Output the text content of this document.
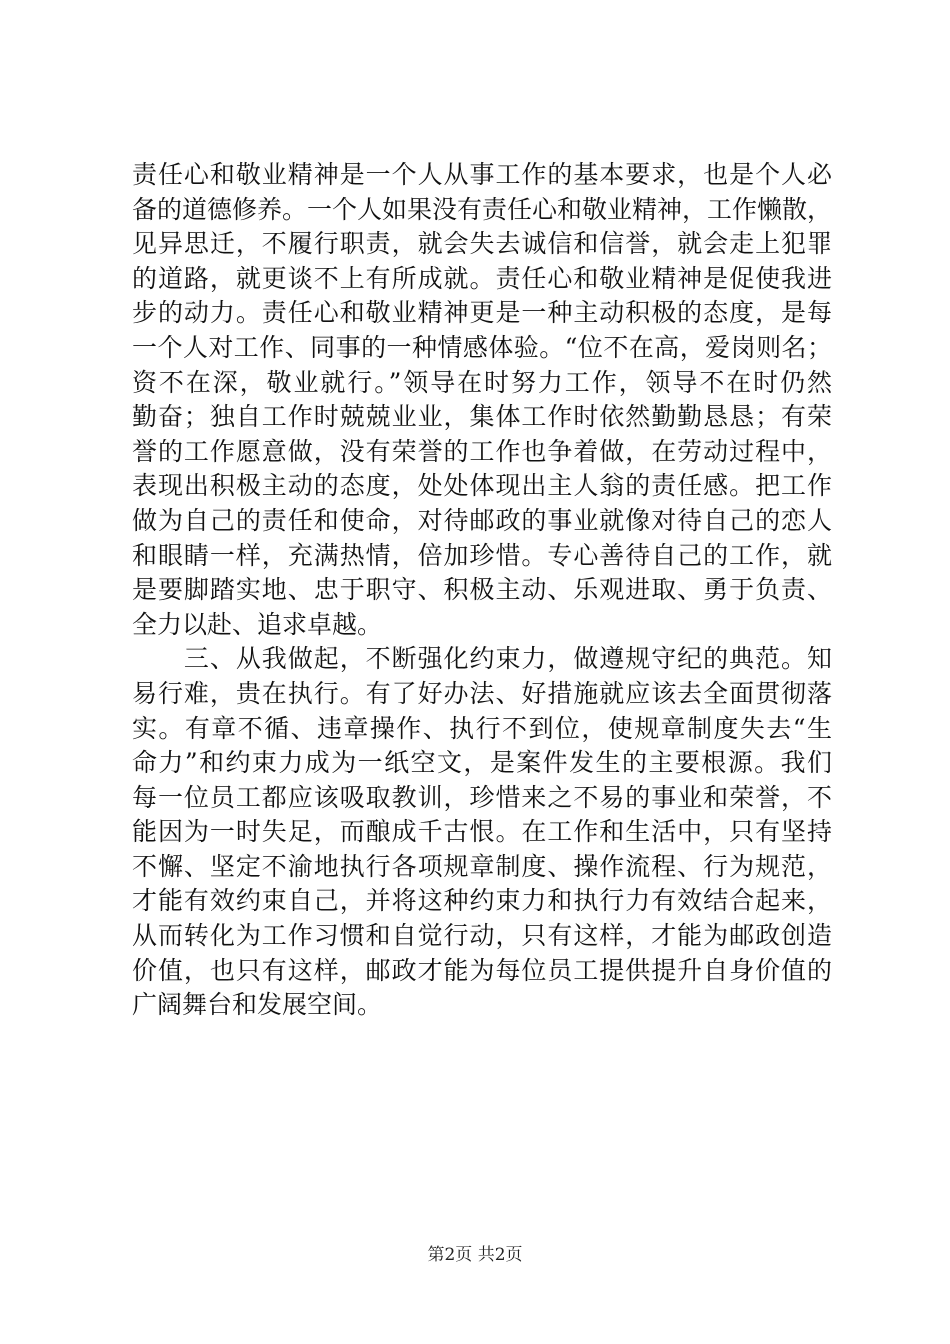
责任心和敬业精神是一个人从事工作的基本要求，也是个人必
备的道德修养。一个人如果没有责任心和敬业精神，工作懒散，
见异思迁，不履行职责，就会失去诚信和信誉，就会走上犯罪
的道路，就更谈不上有所成就。责任心和敬业精神是促使我进
步的动力。责任心和敬业精神更是一种主动积极的态度，是每
一个人对工作、同事的一种情感体验。“位不在高，爱岗则名；
资不在深，敬业就行。”领导在时努力工作，领导不在时仍然
勤奋；独自工作时兢兢业业，集体工作时依然勤勤恳恳；有荣
誉的工作愿意做，没有荣誉的工作也争着做，在劳动过程中，
表现出积极主动的态度，处处体现出主人翁的责任感。把工作
做为自己的责任和使命，对待邮政的事业就像对待自己的恋人
和眼睛一样，充满热情，倍加珍惜。专心善待自己的工作，就
是要脚踏实地、忠于职守、积极主动、乐观进取、勇于负责、
全力以赴、追求卓越。
　　三、从我做起，不断强化约束力，做遵规守纪的典范。知
易行难，贵在执行。有了好办法、好措施就应该去全面贯彻落
实。有章不循、违章操作、执行不到位，使规章制度失去“生
命力”和约束力成为一纸空文，是案件发生的主要根源。我们
每一位员工都应该吸取教训，珍惜来之不易的事业和荣誉，不
能因为一时失足，而酿成千古恨。在工作和生活中，只有坚持
不懈、坚定不渝地执行各项规章制度、操作流程、行为规范，
才能有效约束自己，并将这种约束力和执行力有效结合起来，
从而转化为工作习惯和自觉行动，只有这样，才能为邮政创造
价值，也只有这样，邮政才能为每位员工提供提升自身价值的
广阔舞台和发展空间。
第2页 共2页
